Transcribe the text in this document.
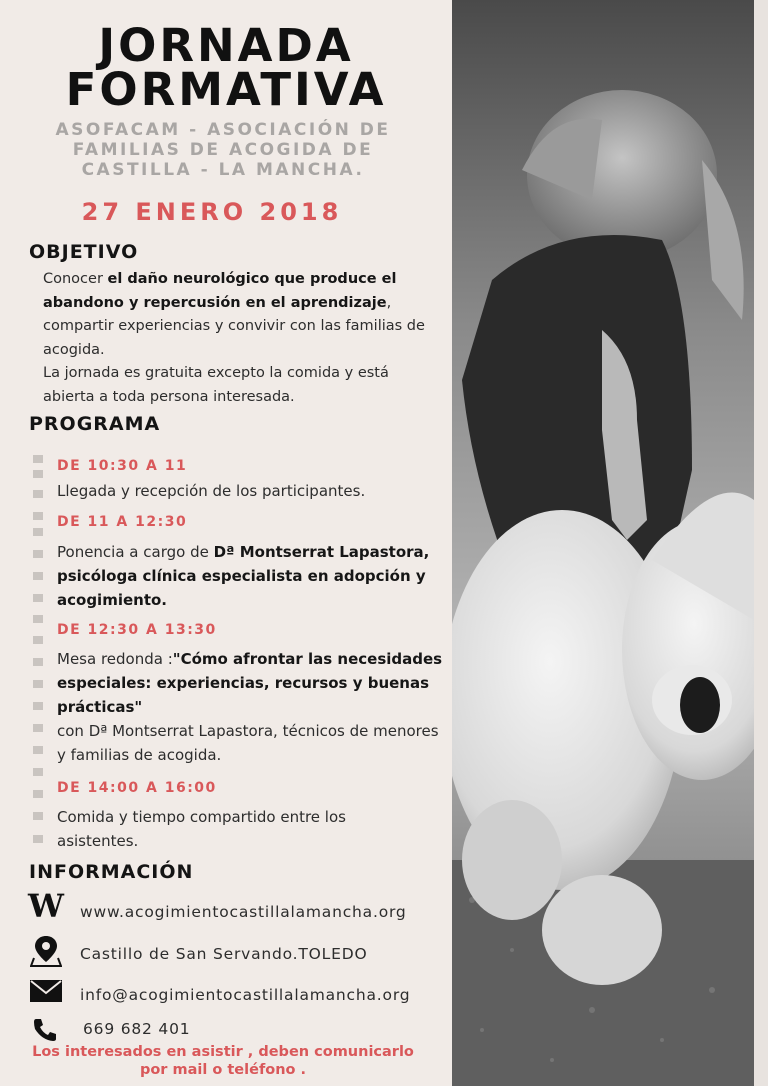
JORNADA
FORMATIVA
ASOFACAM - ASOCIACIÓN DE
FAMILIAS DE ACOGIDA DE
CASTILLA - LA MANCHA.
27 ENERO 2018
OBJETIVO
Conocer el daño neurológico que produce el abandono y repercusión en el aprendizaje, compartir experiencias y convivir con las familias de acogida.
La jornada es gratuita excepto la comida y está abierta a toda persona interesada.
PROGRAMA
DE 10:30 A 11
Llegada y recepción de los participantes.
DE 11 A 12:30
Ponencia a cargo de Dª Montserrat Lapastora, psicóloga clínica especialista en adopción y acogimiento.
DE 12:30 A 13:30
Mesa redonda :"Cómo afrontar las necesidades especiales: experiencias, recursos y buenas prácticas"
con Dª Montserrat Lapastora, técnicos de menores y familias de acogida.
DE 14:00 A 16:00
Comida y tiempo compartido entre los asistentes.
INFORMACIÓN
W www.acogimientocastillalamancha.org
Castillo de San Servando.TOLEDO
info@acogimientocastillalamancha.org
669 682 401
Los interesados en asistir , deben comunicarlo
por mail o teléfono .
